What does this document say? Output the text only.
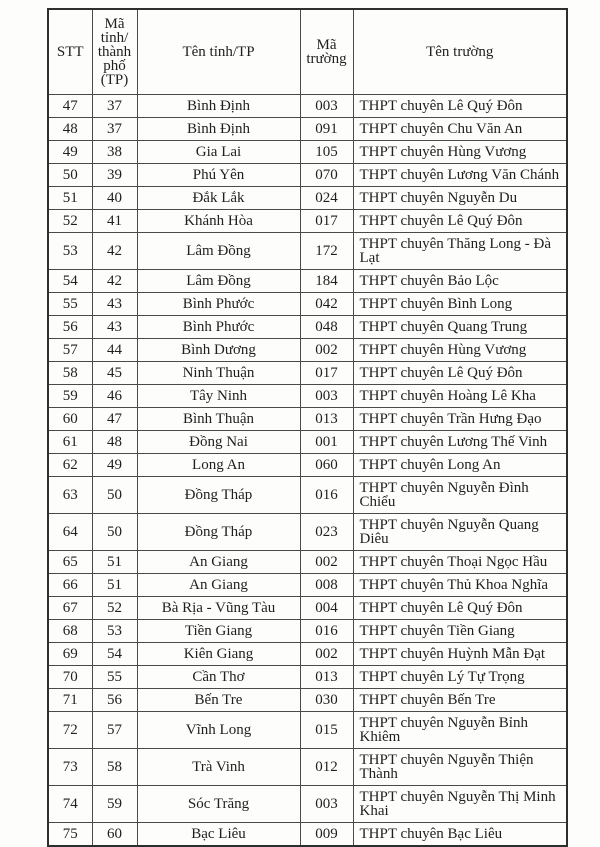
STT	Mã tỉnh/ thành phố (TP)	Tên tỉnh/TP	Mã trường	Tên trường
47	37	Bình Định	003	THPT chuyên Lê Quý Đôn
48	37	Bình Định	091	THPT chuyên Chu Văn An
49	38	Gia Lai	105	THPT chuyên Hùng Vương
50	39	Phú Yên	070	THPT chuyên Lương Văn Chánh
51	40	Đắk Lắk	024	THPT chuyên Nguyễn Du
52	41	Khánh Hòa	017	THPT chuyên Lê Quý Đôn
53	42	Lâm Đồng	172	THPT chuyên Thăng Long - Đà Lạt
54	42	Lâm Đồng	184	THPT chuyên Bảo Lộc
55	43	Bình Phước	042	THPT chuyên Bình Long
56	43	Bình Phước	048	THPT chuyên Quang Trung
57	44	Bình Dương	002	THPT chuyên Hùng Vương
58	45	Ninh Thuận	017	THPT chuyên Lê Quý Đôn
59	46	Tây Ninh	003	THPT chuyên Hoàng Lê Kha
60	47	Bình Thuận	013	THPT chuyên Trần Hưng Đạo
61	48	Đồng Nai	001	THPT chuyên Lương Thế Vinh
62	49	Long An	060	THPT chuyên Long An
63	50	Đồng Tháp	016	THPT chuyên Nguyễn Đình Chiểu
64	50	Đồng Tháp	023	THPT chuyên Nguyễn Quang Diêu
65	51	An Giang	002	THPT chuyên Thoại Ngọc Hầu
66	51	An Giang	008	THPT chuyên Thủ Khoa Nghĩa
67	52	Bà Rịa - Vũng Tàu	004	THPT chuyên Lê Quý Đôn
68	53	Tiền Giang	016	THPT chuyên Tiền Giang
69	54	Kiên Giang	002	THPT chuyên Huỳnh Mẫn Đạt
70	55	Cần Thơ	013	THPT chuyên Lý Tự Trọng
71	56	Bến Tre	030	THPT chuyên Bến Tre
72	57	Vĩnh Long	015	THPT chuyên Nguyễn Bỉnh Khiêm
73	58	Trà Vinh	012	THPT chuyên Nguyễn Thiện Thành
74	59	Sóc Trăng	003	THPT chuyên Nguyễn Thị Minh Khai
75	60	Bạc Liêu	009	THPT chuyên Bạc Liêu
